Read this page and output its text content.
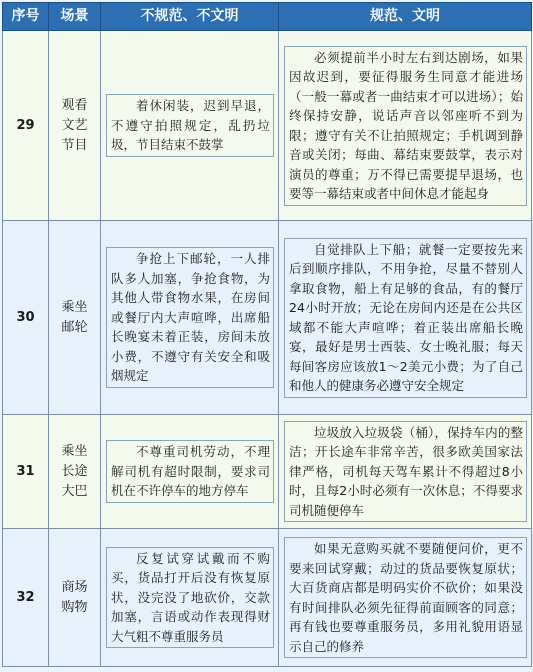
序号	场景	不规范、不文明	规范、文明
29	观看文艺节目	着休闲装，迟到早退，不遵守拍照规定，乱扔垃圾，节目结束不鼓掌	必须提前半小时左右到达剧场，如果因故迟到，要征得服务生同意才能进场（一般一幕或者一曲结束才可以进场）；始终保持安静，说话声音以邻座听不到为限；遵守有关不让拍照规定；手机调到静音或关闭；每曲、幕结束要鼓掌，表示对演员的尊重；万不得已需要提早退场，也要等一幕结束或者中间休息才能起身

30	乘坐邮轮	争抢上下邮轮，一人排队多人加塞，争抢食物，为其他人带食物水果，在房间或餐厅内大声喧哗，出席船长晚宴未着正装，房间未放小费，不遵守有关安全和吸烟规定	自觉排队上下船；就餐一定要按先来后到顺序排队，不用争抢，尽量不替别人拿取食物，船上有足够的食品，有的餐厅24小时开放；无论在房间内还是在公共区域都不能大声喧哗；着正装出席船长晚宴，最好是男士西装、女士晚礼服；每天每间客房应该放1～2美元小费；为了自己和他人的健康务必遵守安全规定

31	乘坐长途大巴	不尊重司机劳动，不理解司机有超时限制，要求司机在不许停车的地方停车	垃圾放入垃圾袋（桶），保持车内的整洁；开长途车非常辛苦，很多欧美国家法律严格，司机每天驾车累计不得超过8小时，且每2小时必须有一次休息；不得要求司机随便停车

32	商场购物	反复试穿试戴而不购买，货品打开后没有恢复原状，没完没了地砍价，交款加塞，言语或动作表现得财大气粗不尊重服务员	如果无意购买就不要随便问价，更不要来回试穿戴；动过的货品要恢复原状；大百货商店都是明码实价不砍价；如果没有时间排队必须先征得前面顾客的同意；再有钱也要尊重服务员，多用礼貌用语显示自己的修养
